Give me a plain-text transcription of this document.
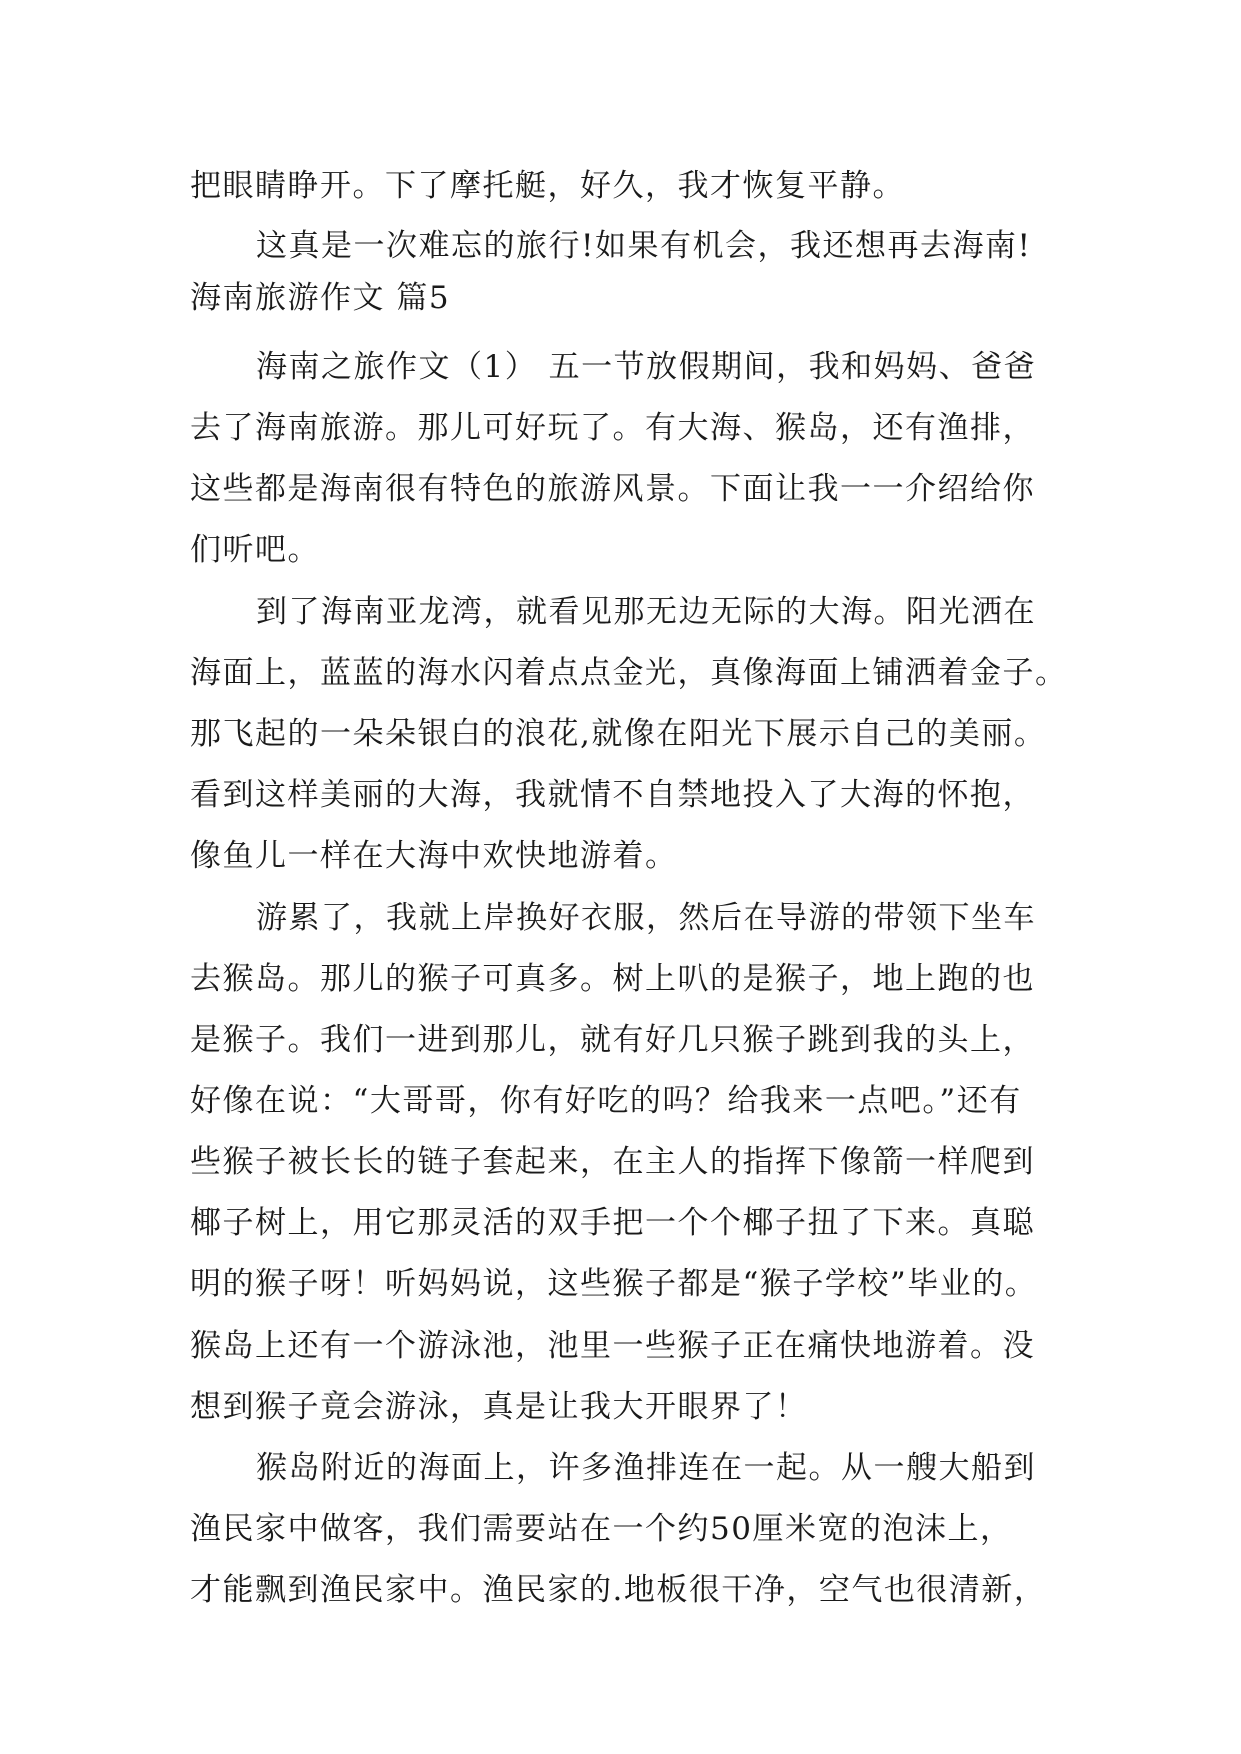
把眼睛睁开。下了摩托艇，好久，我才恢复平静。
这真是一次难忘的旅行!如果有机会，我还想再去海南!
海南旅游作文 篇5
海南之旅作文（1） 五一节放假期间，我和妈妈、爸爸
去了海南旅游。那儿可好玩了。有大海、猴岛，还有渔排，
这些都是海南很有特色的旅游风景。下面让我一一介绍给你
们听吧。
到了海南亚龙湾，就看见那无边无际的大海。阳光洒在
海面上，蓝蓝的海水闪着点点金光，真像海面上铺洒着金子。
那飞起的一朵朵银白的浪花,就像在阳光下展示自己的美丽。
看到这样美丽的大海，我就情不自禁地投入了大海的怀抱，
像鱼儿一样在大海中欢快地游着。
游累了，我就上岸换好衣服，然后在导游的带领下坐车
去猴岛。那儿的猴子可真多。树上叭的是猴子，地上跑的也
是猴子。我们一进到那儿，就有好几只猴子跳到我的头上，
好像在说：“大哥哥，你有好吃的吗？给我来一点吧。”还有
些猴子被长长的链子套起来，在主人的指挥下像箭一样爬到
椰子树上，用它那灵活的双手把一个个椰子扭了下来。真聪
明的猴子呀！听妈妈说，这些猴子都是“猴子学校”毕业的。
猴岛上还有一个游泳池，池里一些猴子正在痛快地游着。没
想到猴子竟会游泳，真是让我大开眼界了！
猴岛附近的海面上，许多渔排连在一起。从一艘大船到
渔民家中做客，我们需要站在一个约50厘米宽的泡沫上，
才能飘到渔民家中。渔民家的.地板很干净，空气也很清新，
